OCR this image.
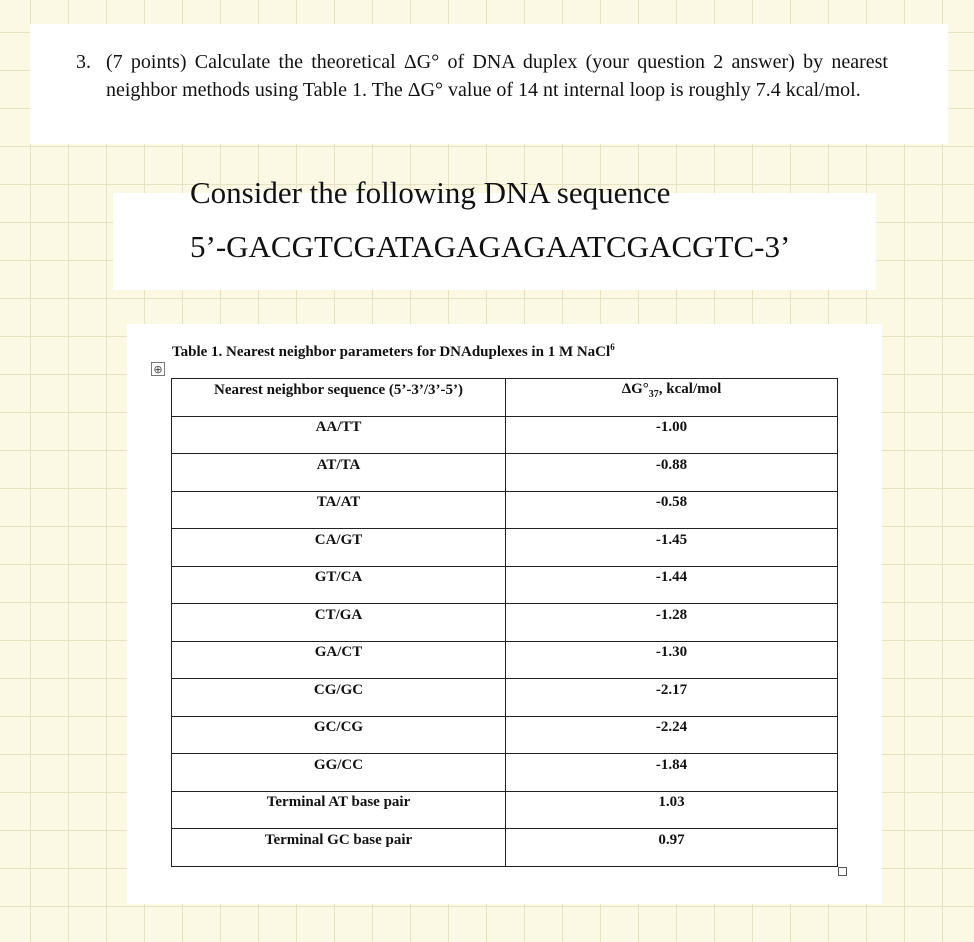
3. (7 points) Calculate the theoretical ΔG° of DNA duplex (your question 2 answer) by nearest neighbor methods using Table 1. The ΔG° value of 14 nt internal loop is roughly 7.4 kcal/mol.
Consider the following DNA sequence
5’-GACGTCGATAGAGAGAATCGACGTC-3’
Table 1. Nearest neighbor parameters for DNAduplexes in 1 M NaCl$^6$
⊕
Nearest neighbor sequence (5’-3’/3’-5’)	$\Delta G^\circ_{37}$, kcal/mol
AA/TT	-1.00
AT/TA	-0.88
TA/AT	-0.58
CA/GT	-1.45
GT/CA	-1.44
CT/GA	-1.28
GA/CT	-1.30
CG/GC	-2.17
GC/CG	-2.24
GG/CC	-1.84
Terminal AT base pair	1.03
Terminal GC base pair	0.97
